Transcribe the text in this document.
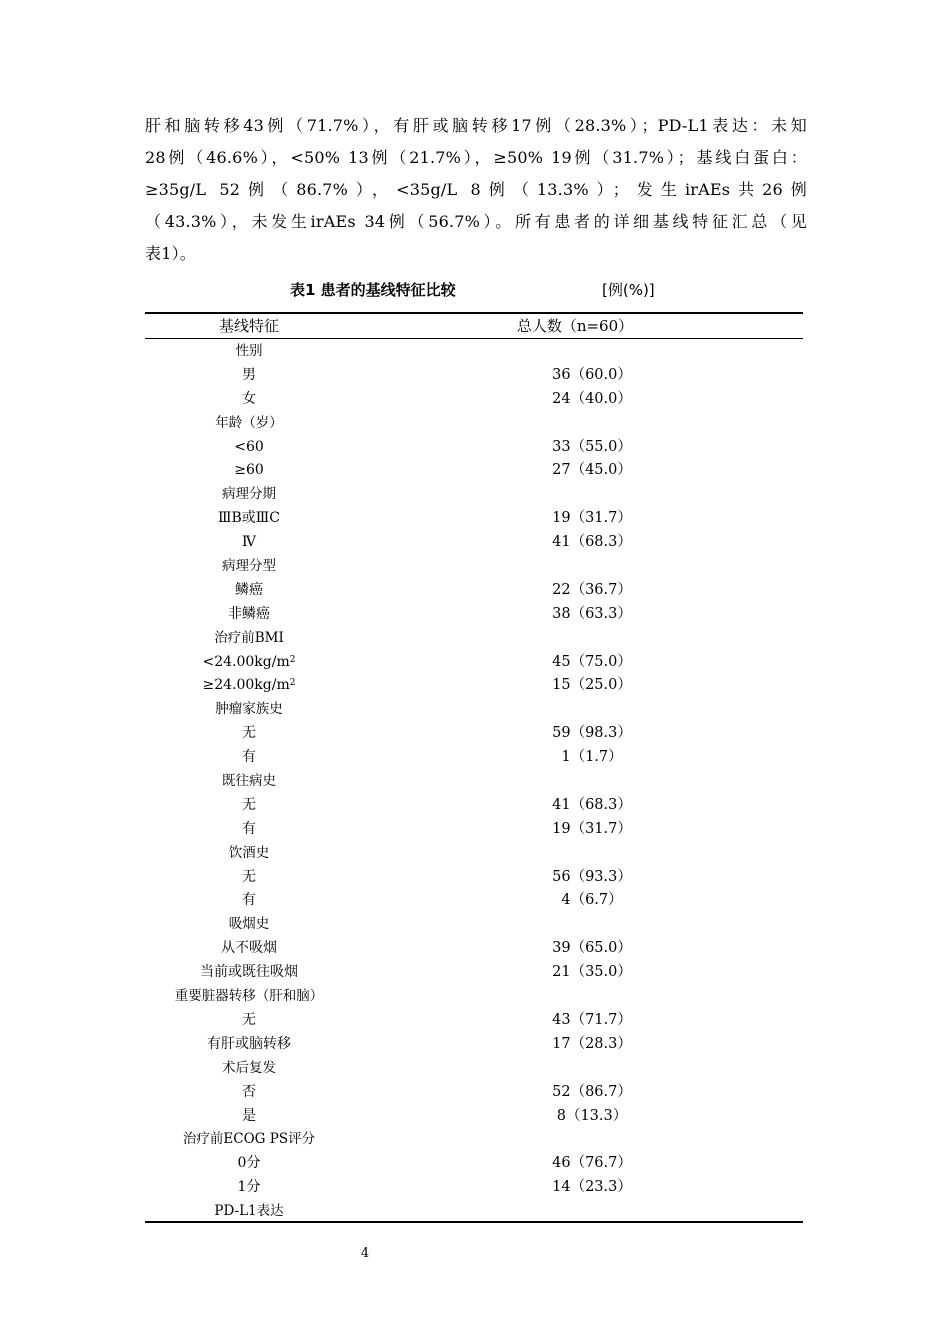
肝和脑转移43例（71.7%），有肝或脑转移17例（28.3%）；PD-L1表达：未知
28例（46.6%），<50% 13例（21.7%），≥50% 19例（31.7%）；基线白蛋白：
≥35g/L 52例（86.7%），<35g/L 8例（13.3%）；发生irAEs共26例
（43.3%），未发生irAEs 34例（56.7%）。所有患者的详细基线特征汇总（见
表1）。

表1 患者的基线特征比较	[例(%)]
基线特征	总人数（n=60）
性别
男	36（60.0）
女	24（40.0）
年龄（岁）
<60	33（55.0）
≥60	27（45.0）
病理分期
ⅢB或ⅢC	19（31.7）
Ⅳ	41（68.3）
病理分型
鳞癌	22（36.7）
非鳞癌	38（63.3）
治疗前BMI
$<24.00kg/m^2$	45（75.0）
$\ge 24.00kg/m^2$	15（25.0）
肿瘤家族史
无	59（98.3）
有	1（1.7）
既往病史
无	41（68.3）
有	19（31.7）
饮酒史
无	56（93.3）
有	4（6.7）
吸烟史
从不吸烟	39（65.0）
当前或既往吸烟	21（35.0）
重要脏器转移（肝和脑）
无	43（71.7）
有肝或脑转移	17（28.3）
术后复发
否	52（86.7）
是	8（13.3）
治疗前ECOG PS评分
0分	46（76.7）
1分	14（23.3）
PD-L1表达
4
